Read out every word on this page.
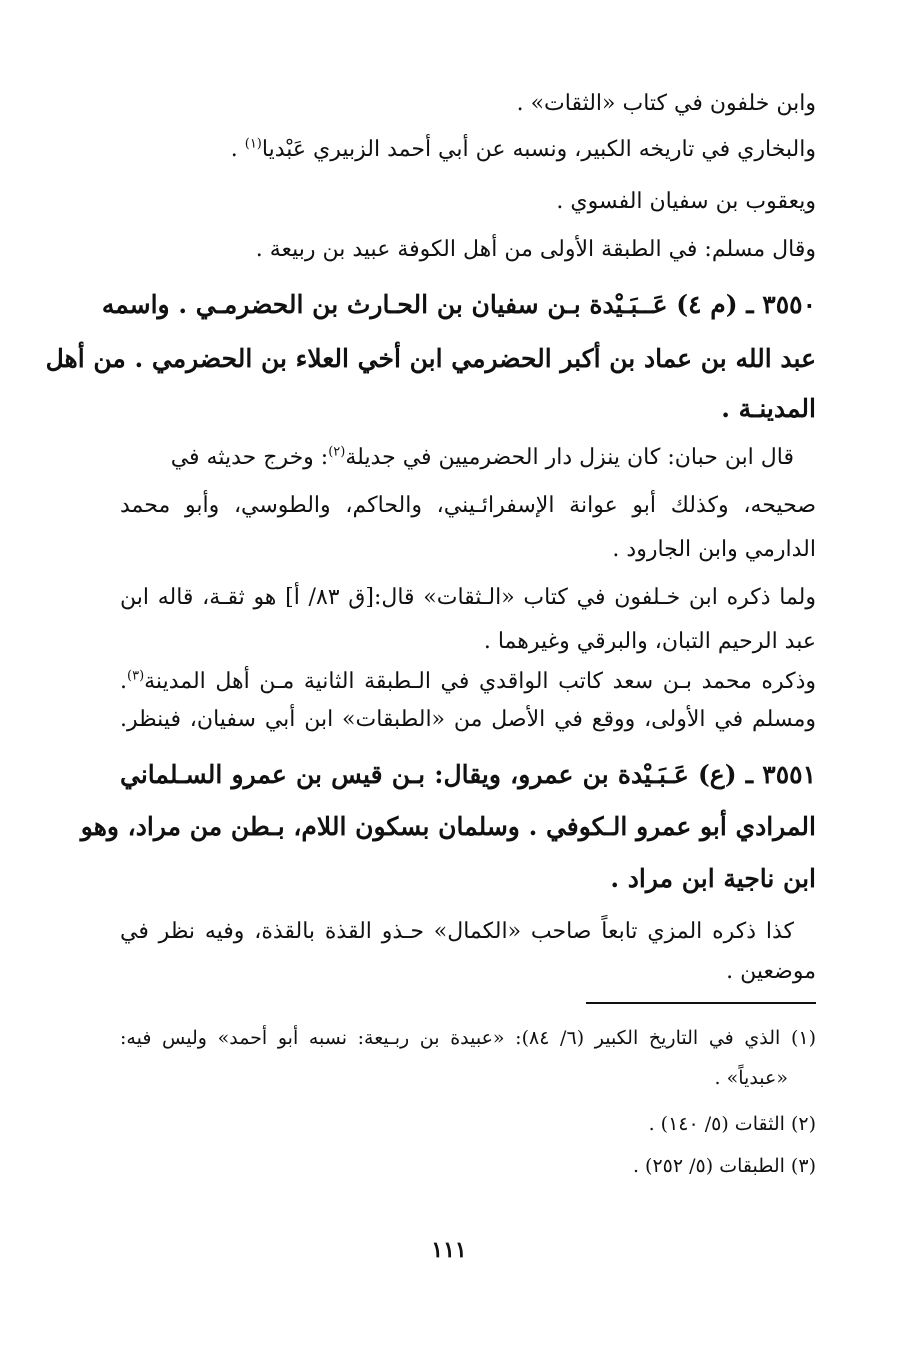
وابن خلفون في كتاب «الثقات» .
والبخاري في تاريخه الكبير، ونسبه عن أبي أحمد الزبيري عَبْديا$^{(١)}$ .
ويعقوب بن سفيان الفسوي .
وقال مسلم: في الطبقة الأولى من أهل الكوفة عبيد بن ربيعة .
٣٥٥٠ ـ (م ٤) عَــبَـيْدة بـن سفيان بن الحـارث بن الحضرمـي . واسمه
عبد الله بن عماد بن أكبر الحضرمي ابن أخي العلاء بن الحضرمي . من أهل
المدينـة .
قال ابن حبان: كان ينزل دار الحضرميين في جديلة$^{(٢)}$: وخرج حديثه في
صحيحه، وكذلك أبو عوانة الإسفرائـيني، والحاكم، والطوسي، وأبو محمد
الدارمي وابن الجارود .
ولما ذكره ابن خـلفون في كتاب «الـثقات» قال:[ق ٨٣/ أ] هو ثقـة، قاله ابن
عبد الرحيم التبان، والبرقي وغيرهما .
وذكره محمد بـن سعد كاتب الواقدي في الـطبقة الثانية مـن أهل المدينة$^{(٣)}$.
ومسلم في الأولى، ووقع في الأصل من «الطبقات» ابن أبي سفيان، فينظر.
٣٥٥١ ـ (ع) عَـبَـيْدة بن عمرو، ويقال: بـن قيس بن عمرو السـلماني
المرادي أبو عمرو الـكوفي . وسلمان بسكون اللام، بـطن من مراد، وهو
ابن ناجية ابن مراد .
كذا ذكره المزي تابعاً صاحب «الكمال» حـذو القذة بالقذة، وفيه نظر في
موضعين .
(١) الذي في التاريخ الكبير (٦/ ٨٤): «عبيدة بن ربـيعة: نسبه أبو أحمد» وليس فيه:
«عبدياً» .
(٢) الثقات (٥/ ١٤٠) .
(٣) الطبقات (٥/ ٢٥٢) .
١١١
